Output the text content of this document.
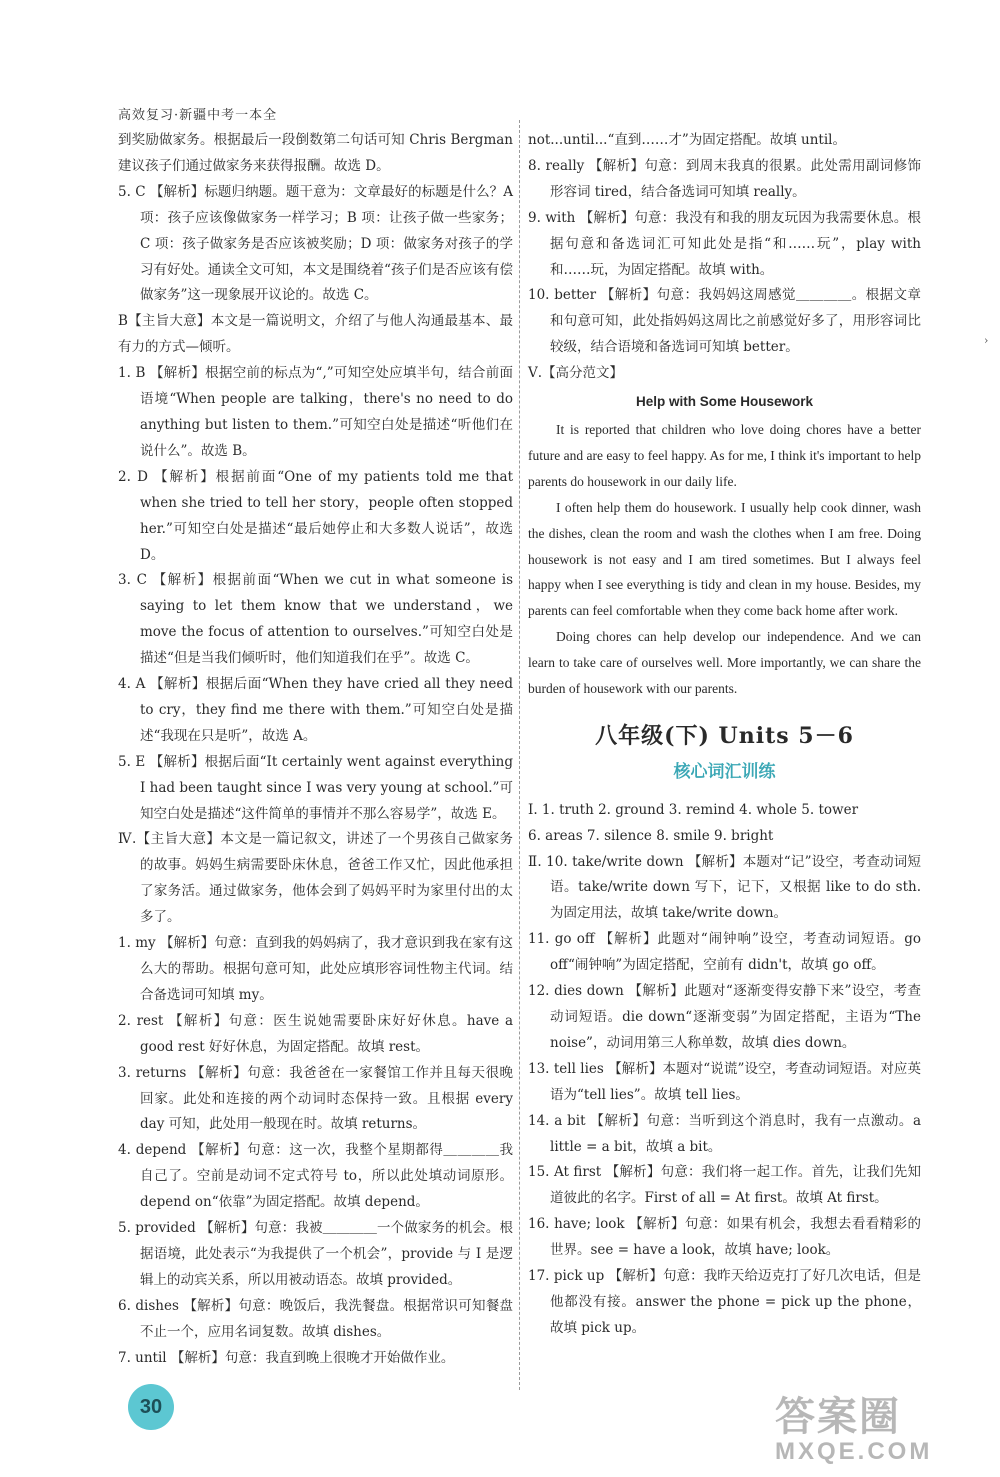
高效复习·新疆中考一本全

到奖励做家务。根据最后一段倒数第二句话可知 Chris Bergman 建议孩子们通过做家务来获得报酬。故选 D。

5. C 【解析】标题归纳题。题干意为：文章最好的标题是什么？A 项：孩子应该像做家务一样学习；B 项：让孩子做一些家务；C 项：孩子做家务是否应该被奖励；D 项：做家务对孩子的学习有好处。通读全文可知，本文是围绕着“孩子们是否应该有偿做家务”这一现象展开议论的。故选 C。

B【主旨大意】本文是一篇说明文，介绍了与他人沟通最基本、最有力的方式—倾听。

1. B 【解析】根据空前的标点为“,”可知空处应填半句，结合前面语境“When people are talking，there's no need to do anything but listen to them.”可知空白处是描述“听他们在说什么”。故选 B。

2. D 【解析】根据前面“One of my patients told me that when she tried to tell her story，people often stopped her.”可知空白处是描述“最后她停止和大多数人说话”，故选 D。

3. C 【解析】根据前面“When we cut in what someone is saying to let them know that we understand，we move the focus of attention to ourselves.”可知空白处是描述“但是当我们倾听时，他们知道我们在乎”。故选 C。

4. A 【解析】根据后面“When they have cried all they need to cry，they find me there with them.”可知空白处是描述“我现在只是听”，故选 A。

5. E 【解析】根据后面“It certainly went against everything I had been taught since I was very young at school.”可知空白处是描述“这件简单的事情并不那么容易学”，故选 E。

Ⅳ.【主旨大意】本文是一篇记叙文，讲述了一个男孩自己做家务的故事。妈妈生病需要卧床休息，爸爸工作又忙，因此他承担了家务活。通过做家务，他体会到了妈妈平时为家里付出的太多了。

1. my 【解析】句意：直到我的妈妈病了，我才意识到我在家有这么大的帮助。根据句意可知，此处应填形容词性物主代词。结合备选词可知填 my。

2. rest 【解析】句意：医生说她需要卧床好好休息。have a good rest 好好休息，为固定搭配。故填 rest。

3. returns 【解析】句意：我爸爸在一家餐馆工作并且每天很晚回家。此处和连接的两个动词时态保持一致。且根据 every day 可知，此处用一般现在时。故填 returns。

4. depend 【解析】句意：这一次，我整个星期都得＿＿＿＿我自己了。空前是动词不定式符号 to，所以此处填动词原形。depend on“依靠”为固定搭配。故填 depend。

5. provided 【解析】句意：我被＿＿＿＿一个做家务的机会。根据语境，此处表示“为我提供了一个机会”，provide 与 I 是逻辑上的动宾关系，所以用被动语态。故填 provided。

6. dishes 【解析】句意：晚饭后，我洗餐盘。根据常识可知餐盘不止一个，应用名词复数。故填 dishes。

7. until 【解析】句意：我直到晚上很晚才开始做作业。

not...until...“直到……才”为固定搭配。故填 until。

8. really 【解析】句意：到周末我真的很累。此处需用副词修饰形容词 tired，结合备选词可知填 really。

9. with 【解析】句意：我没有和我的朋友玩因为我需要休息。根据句意和备选词汇可知此处是指“和……玩”，play with 和……玩，为固定搭配。故填 with。

10. better 【解析】句意：我妈妈这周感觉＿＿＿＿。根据文章和句意可知，此处指妈妈这周比之前感觉好多了，用形容词比较级，结合语境和备选词可知填 better。

Ⅴ.【高分范文】

Help with Some Housework

It is reported that children who love doing chores have a better future and are easy to feel happy. As for me, I think it's important to help parents do housework in our daily life.

I often help them do housework. I usually help cook dinner, wash the dishes, clean the room and wash the clothes when I am free. Doing housework is not easy and I am tired sometimes. But I always feel happy when I see everything is tidy and clean in my house. Besides, my parents can feel comfortable when they come back home after work.

Doing chores can help develop our independence. And we can learn to take care of ourselves well. More importantly, we can share the burden of housework with our parents.

八年级(下) Units 5－6
核心词汇训练

Ⅰ. 1. truth 2. ground 3. remind 4. whole 5. tower

6. areas 7. silence 8. smile 9. bright

Ⅱ. 10. take/write down 【解析】本题对“记”设空，考查动词短语。take/write down 写下，记下，又根据 like to do sth. 为固定用法，故填 take/write down。

11. go off 【解析】此题对“闹钟响”设空，考查动词短语。go off“闹钟响”为固定搭配，空前有 didn't，故填 go off。

12. dies down 【解析】此题对“逐渐变得安静下来”设空，考查动词短语。die down“逐渐变弱”为固定搭配，主语为“The noise”，动词用第三人称单数，故填 dies down。

13. tell lies 【解析】本题对“说谎”设空，考查动词短语。对应英语为“tell lies”。故填 tell lies。

14. a bit 【解析】句意：当听到这个消息时，我有一点激动。a little = a bit，故填 a bit。

15. At first 【解析】句意：我们将一起工作。首先，让我们先知道彼此的名字。First of all = At first。故填 At first。

16. have; look 【解析】句意：如果有机会，我想去看看精彩的世界。see = have a look，故填 have; look。

17. pick up 【解析】句意：我昨天给迈克打了好几次电话，但是他都没有接。answer the phone = pick up the phone，故填 pick up。

›
30	答案圈
MXQE.COM
